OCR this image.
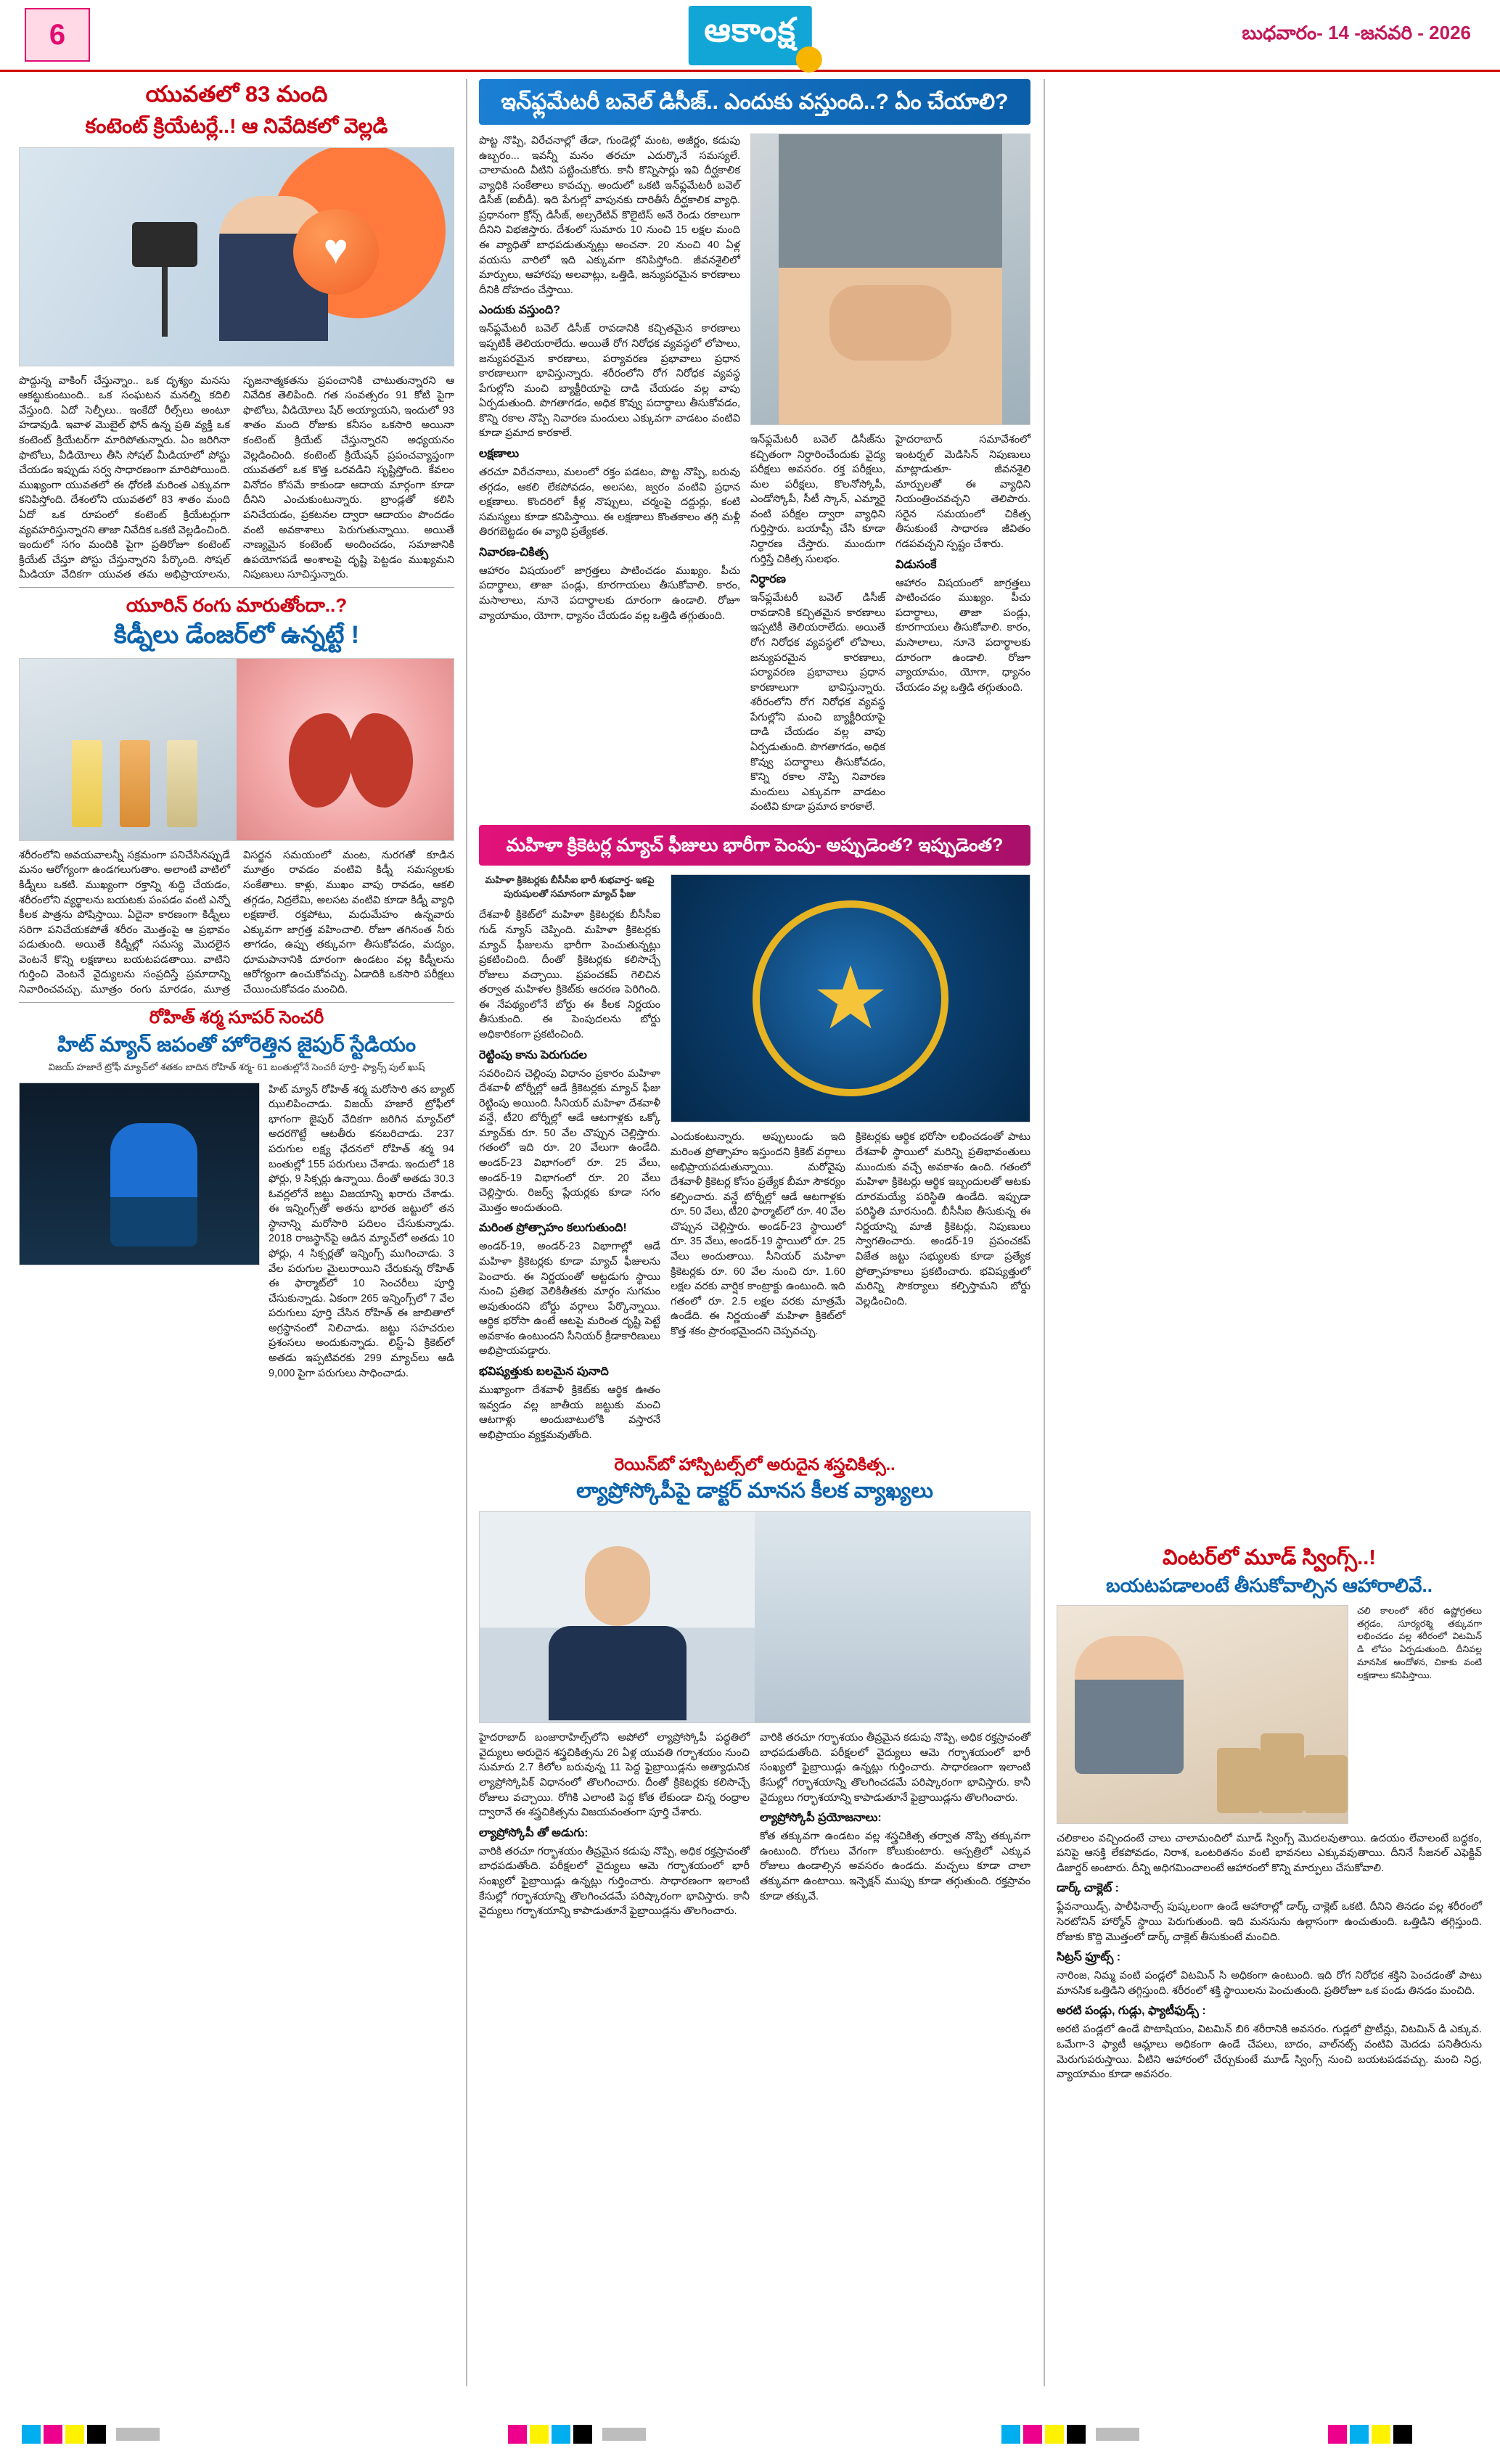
6	ఆకాంక్ష	బుధవారం- 14 -జనవరి - 2026
యువతలో 83 మంది
కంటెంట్ క్రియేటర్లే..! ఆ నివేదికలో వెల్లడి
♥
పొద్దున్న వాకింగ్ చేస్తున్నాం.. ఒక దృశ్యం మనసు ఆకట్టుకుంటుంది.. ఒక సంఘటన మనల్ని కదిలి వేస్తుంది. ఏదో సెల్ఫీలు.. ఇంకేదో రీల్స్‌లు అంటూ హడావుడి. ఇవాళ మొబైల్ ఫోన్ ఉన్న ప్రతి వ్యక్తి ఒక కంటెంట్ క్రియేటర్‌గా మారిపోతున్నారు. ఏం జరిగినా ఫొటోలు, వీడియోలు తీసి సోషల్ మీడియాలో పోస్టు చేయడం ఇప్పుడు సర్వ సాధారణంగా మారిపోయింది. ముఖ్యంగా యువతలో ఈ ధోరణి మరింత ఎక్కువగా కనిపిస్తోంది. దేశంలోని యువతలో 83 శాతం మంది ఏదో ఒక రూపంలో కంటెంట్ క్రియేటర్లుగా వ్యవహరిస్తున్నారని తాజా నివేదిక ఒకటి వెల్లడించింది. ఇందులో సగం మందికి పైగా ప్రతిరోజూ కంటెంట్ క్రియేట్ చేస్తూ పోస్టు చేస్తున్నారని పేర్కొంది. సోషల్ మీడియా వేదికగా యువత తమ అభిప్రాయాలను, సృజనాత్మకతను ప్రపంచానికి చాటుతున్నారని ఆ నివేదిక తెలిపింది. గత సంవత్సరం 91 కోటి పైగా ఫొటోలు, వీడియోలు షేర్ అయ్యాయని, ఇందులో 93 శాతం మంది రోజుకు కనీసం ఒకసారి అయినా కంటెంట్ క్రియేట్ చేస్తున్నారని అధ్యయనం వెల్లడించింది. కంటెంట్ క్రియేషన్ ప్రపంచవ్యాప్తంగా యువతలో ఒక కొత్త ఒరవడిని సృష్టిస్తోంది. కేవలం వినోదం కోసమే కాకుండా ఆదాయ మార్గంగా కూడా దీనిని ఎంచుకుంటున్నారు. బ్రాండ్లతో కలిసి పనిచేయడం, ప్రకటనల ద్వారా ఆదాయం పొందడం వంటి అవకాశాలు పెరుగుతున్నాయి. అయితే నాణ్యమైన కంటెంట్ అందించడం, సమాజానికి ఉపయోగపడే అంశాలపై దృష్టి పెట్టడం ముఖ్యమని నిపుణులు సూచిస్తున్నారు.
యూరిన్ రంగు మారుతోందా..?
కిడ్నీలు డేంజర్‌లో ఉన్నట్టే !
శరీరంలోని అవయవాలన్నీ సక్రమంగా పనిచేసినప్పుడే మనం ఆరోగ్యంగా ఉండగలుగుతాం. అలాంటి వాటిలో కిడ్నీలు ఒకటి. ముఖ్యంగా రక్తాన్ని శుద్ధి చేయడం, శరీరంలోని వ్యర్థాలను బయటకు పంపడం వంటి ఎన్నో కీలక పాత్రను పోషిస్తాయి. ఏదైనా కారణంగా కిడ్నీలు సరిగా పనిచేయకపోతే శరీరం మొత్తంపై ఆ ప్రభావం పడుతుంది. అయితే కిడ్నీల్లో సమస్య మొదలైన వెంటనే కొన్ని లక్షణాలు బయటపడతాయి. వాటిని గుర్తించి వెంటనే వైద్యులను సంప్రదిస్తే ప్రమాదాన్ని నివారించవచ్చు. మూత్రం రంగు మారడం, మూత్ర విసర్జన సమయంలో మంట, నురగతో కూడిన మూత్రం రావడం వంటివి కిడ్నీ సమస్యలకు సంకేతాలు. కాళ్లు, ముఖం వాపు రావడం, ఆకలి తగ్గడం, నిద్రలేమి, అలసట వంటివి కూడా కిడ్నీ వ్యాధి లక్షణాలే. రక్తపోటు, మధుమేహం ఉన్నవారు ఎక్కువగా జాగ్రత్త వహించాలి. రోజూ తగినంత నీరు తాగడం, ఉప్పు తక్కువగా తీసుకోవడం, మద్యం, ధూమపానానికి దూరంగా ఉండటం వల్ల కిడ్నీలను ఆరోగ్యంగా ఉంచుకోవచ్చు. ఏడాదికి ఒకసారి పరీక్షలు చేయించుకోవడం మంచిది.
రోహిత్ శర్మ సూపర్ సెంచరీ
హిట్ మ్యాన్ జపంతో హోరెత్తిన జైపుర్ స్టేడియం
విజయ్ హజారే ట్రోఫీ మ్యాచ్‌లో శతకం బాదిన రోహిత్ శర్మ- 61 బంతుల్లోనే సెంచరీ పూర్తి- ఫ్యాన్స్ పుల్ ఖుష్
హిట్ మ్యాన్ రోహిత్ శర్మ మరోసారి తన బ్యాట్ ఝులిపించాడు. విజయ్ హజారే ట్రోఫీలో భాగంగా జైపుర్ వేదికగా జరిగిన మ్యాచ్‌లో అదరగొట్టే ఆటతీరు కనబరిచాడు. 237 పరుగుల లక్ష్య ఛేదనలో రోహిత్ శర్మ 94 బంతుల్లో 155 పరుగులు చేశాడు. ఇందులో 18 ఫోర్లు, 9 సిక్సర్లు ఉన్నాయి. దీంతో అతడు 30.3 ఓవర్లలోనే జట్టు విజయాన్ని ఖరారు చేశాడు. ఈ ఇన్నింగ్స్‌తో అతను భారత జట్టులో తన స్థానాన్ని మరోసారి పదిలం చేసుకున్నాడు. 2018 రాజస్థాన్‌పై ఆడిన మ్యాచ్‌లో అతడు 10 ఫోర్లు, 4 సిక్సర్లతో ఇన్నింగ్స్ ముగించాడు. 3 వేల పరుగుల మైలురాయిని చేరుకున్న రోహిత్ ఈ ఫార్మాట్‌లో 10 సెంచరీలు పూర్తి చేసుకున్నాడు. ఏకంగా 265 ఇన్నింగ్స్‌లో 7 వేల పరుగులు పూర్తి చేసిన రోహిత్ ఈ జాబితాలో అగ్రస్థానంలో నిలిచాడు. జట్టు సహచరుల ప్రశంసలు అందుకున్నాడు. లిస్ట్-ఏ క్రికెట్‌లో అతడు ఇప్పటివరకు 299 మ్యాచ్‌లు ఆడి 9,000 పైగా పరుగులు సాధించాడు.
ఇన్‌ఫ్లమేటరీ బవెల్ డిసీజ్.. ఎందుకు వస్తుంది..? ఏం చేయాలి?
పొట్ట నొప్పి, విరేచనాల్లో తేడా, గుండెల్లో మంట, అజీర్ణం, కడుపు ఉబ్బరం... ఇవన్నీ మనం తరచూ ఎదుర్కొనే సమస్యలే. చాలామంది వీటిని పట్టించుకోరు. కానీ కొన్నిసార్లు ఇవి దీర్ఘకాలిక వ్యాధికి సంకేతాలు కావచ్చు. అందులో ఒకటి ఇన్‌ఫ్లమేటరీ బవెల్ డిసీజ్ (ఐబీడీ). ఇది పేగుల్లో వాపునకు దారితీసే దీర్ఘకాలిక వ్యాధి. ప్రధానంగా క్రోన్స్ డిసీజ్, అల్సరేటివ్ కొలైటిస్ అనే రెండు రకాలుగా దీనిని విభజిస్తారు. దేశంలో సుమారు 10 నుంచి 15 లక్షల మంది ఈ వ్యాధితో బాధపడుతున్నట్లు అంచనా. 20 నుంచి 40 ఏళ్ల వయసు వారిలో ఇది ఎక్కువగా కనిపిస్తోంది. జీవనశైలిలో మార్పులు, ఆహారపు అలవాట్లు, ఒత్తిడి, జన్యుపరమైన కారణాలు దీనికి దోహదం చేస్తాయి.
ఎందుకు వస్తుంది?
ఇన్‌ఫ్లమేటరీ బవెల్ డిసీజ్ రావడానికి కచ్చితమైన కారణాలు ఇప్పటికీ తెలియరాలేదు. అయితే రోగ నిరోధక వ్యవస్థలో లోపాలు, జన్యుపరమైన కారణాలు, పర్యావరణ ప్రభావాలు ప్రధాన కారణాలుగా భావిస్తున్నారు. శరీరంలోని రోగ నిరోధక వ్యవస్థ పేగుల్లోని మంచి బ్యాక్టీరియాపై దాడి చేయడం వల్ల వాపు ఏర్పడుతుంది. పొగతాగడం, అధిక కొవ్వు పదార్థాలు తీసుకోవడం, కొన్ని రకాల నొప్పి నివారణ మందులు ఎక్కువగా వాడటం వంటివి కూడా ప్రమాద కారకాలే.
లక్షణాలు
తరచూ విరేచనాలు, మలంలో రక్తం పడటం, పొట్ట నొప్పి, బరువు తగ్గడం, ఆకలి లేకపోవడం, అలసట, జ్వరం వంటివి ప్రధాన లక్షణాలు. కొందరిలో కీళ్ల నొప్పులు, చర్మంపై దద్దుర్లు, కంటి సమస్యలు కూడా కనిపిస్తాయి. ఈ లక్షణాలు కొంతకాలం తగ్గి మళ్లీ తిరగబెట్టడం ఈ వ్యాధి ప్రత్యేకత.
నివారణ-చికిత్స
ఆహారం విషయంలో జాగ్రత్తలు పాటించడం ముఖ్యం. పీచు పదార్థాలు, తాజా పండ్లు, కూరగాయలు తీసుకోవాలి. కారం, మసాలాలు, నూనె పదార్థాలకు దూరంగా ఉండాలి. రోజూ వ్యాయామం, యోగా, ధ్యానం చేయడం వల్ల ఒత్తిడి తగ్గుతుంది.
ఇన్‌ఫ్లమేటరీ బవెల్ డిసీజ్‌ను కచ్చితంగా నిర్ధారించేందుకు వైద్య పరీక్షలు అవసరం. రక్త పరీక్షలు, మల పరీక్షలు, కొలనోస్కోపీ, ఎండోస్కోపీ, సీటీ స్కాన్, ఎమ్మారై వంటి పరీక్షల ద్వారా వ్యాధిని గుర్తిస్తారు. బయాప్సీ చేసి కూడా నిర్ధారణ చేస్తారు. ముందుగా గుర్తిస్తే చికిత్స సులభం.
నిర్ధారణ
ఇన్‌ఫ్లమేటరీ బవెల్ డిసీజ్ రావడానికి కచ్చితమైన కారణాలు ఇప్పటికీ తెలియరాలేదు. అయితే రోగ నిరోధక వ్యవస్థలో లోపాలు, జన్యుపరమైన కారణాలు, పర్యావరణ ప్రభావాలు ప్రధాన కారణాలుగా భావిస్తున్నారు. శరీరంలోని రోగ నిరోధక వ్యవస్థ పేగుల్లోని మంచి బ్యాక్టీరియాపై దాడి చేయడం వల్ల వాపు ఏర్పడుతుంది. పొగతాగడం, అధిక కొవ్వు పదార్థాలు తీసుకోవడం, కొన్ని రకాల నొప్పి నివారణ మందులు ఎక్కువగా వాడటం వంటివి కూడా ప్రమాద కారకాలే.
హైదరాబాద్ సమావేశంలో ఇంటర్నల్ మెడిసిన్ నిపుణులు మాట్లాడుతూ- జీవనశైలి మార్పులతో ఈ వ్యాధిని నియంత్రించవచ్చని తెలిపారు. సరైన సమయంలో చికిత్స తీసుకుంటే సాధారణ జీవితం గడపవచ్చని స్పష్టం చేశారు.
విడుసంకే
ఆహారం విషయంలో జాగ్రత్తలు పాటించడం ముఖ్యం. పీచు పదార్థాలు, తాజా పండ్లు, కూరగాయలు తీసుకోవాలి. కారం, మసాలాలు, నూనె పదార్థాలకు దూరంగా ఉండాలి. రోజూ వ్యాయామం, యోగా, ధ్యానం చేయడం వల్ల ఒత్తిడి తగ్గుతుంది.
మహిళా క్రికెటర్ల మ్యాచ్ ఫీజులు భారీగా పెంపు- అప్పుడెంత? ఇప్పుడెంత?
మహిళా క్రికెటర్లకు బీసీసీఐ భారీ శుభవార్త- ఇకపై పురుషులతో సమానంగా మ్యాచ్ ఫీజు
దేశవాళీ క్రికెట్‌లో మహిళా క్రికెటర్లకు బీసీసీఐ గుడ్ న్యూస్ చెప్పింది. మహిళా క్రికెటర్లకు మ్యాచ్ ఫీజులను భారీగా పెంచుతున్నట్లు ప్రకటించింది. దీంతో క్రికెటర్లకు కలిసొచ్చే రోజులు వచ్చాయి. ప్రపంచకప్ గెలిచిన తర్వాత మహిళల క్రికెట్‌కు ఆదరణ పెరిగింది. ఈ నేపథ్యంలోనే బోర్డు ఈ కీలక నిర్ణయం తీసుకుంది. ఈ పెంపుదలను బోర్డు అధికారికంగా ప్రకటించింది.
రెట్టింపు కాను పెరుగుదల
సవరించిన చెల్లింపు విధానం ప్రకారం మహిళా దేశవాళీ టోర్నీల్లో ఆడే క్రికెటర్లకు మ్యాచ్ ఫీజు రెట్టింపు అయింది. సీనియర్ మహిళా దేశవాళీ వన్డే, టీ20 టోర్నీల్లో ఆడే ఆటగాళ్లకు ఒక్కో మ్యాచ్‌కు రూ. 50 వేల చొప్పున చెల్లిస్తారు. గతంలో ఇది రూ. 20 వేలుగా ఉండేది. అండర్-23 విభాగంలో రూ. 25 వేలు, అండర్-19 విభాగంలో రూ. 20 వేలు చెల్లిస్తారు. రిజర్వ్ ప్లేయర్లకు కూడా సగం మొత్తం అందుతుంది.
మరింత ప్రోత్సాహం కలుగుతుంది!
అండర్-19, అండర్-23 విభాగాల్లో ఆడే మహిళా క్రికెటర్లకు కూడా మ్యాచ్ ఫీజులను పెంచారు. ఈ నిర్ణయంతో అట్టడుగు స్థాయి నుంచి ప్రతిభ వెలికితీతకు మార్గం సుగమం అవుతుందని బోర్డు వర్గాలు పేర్కొన్నాయి. ఆర్థిక భరోసా ఉంటే ఆటపై మరింత దృష్టి పెట్టే అవకాశం ఉంటుందని సీనియర్ క్రీడాకారిణులు అభిప్రాయపడ్డారు.
భవిష్యత్తుకు బలమైన పునాది
ముఖ్యాంగా దేశవాళీ క్రికెట్‌కు ఆర్థిక ఊతం ఇవ్వడం వల్ల జాతీయ జట్టుకు మంచి ఆటగాళ్లు అందుబాటులోకి వస్తారనే అభిప్రాయం వ్యక్తమవుతోంది.
★
ఎందుకంటున్నారు. అప్పులుండు ఇది మరింత ప్రోత్సాహం ఇస్తుందని క్రికెట్ వర్గాలు అభిప్రాయపడుతున్నాయి. మరోవైపు దేశవాళీ క్రికెటర్ల కోసం ప్రత్యేక బీమా సౌకర్యం కల్పించారు. వన్డే టోర్నీల్లో ఆడే ఆటగాళ్లకు రూ. 50 వేలు, టీ20 ఫార్మాట్‌లో రూ. 40 వేల చొప్పున చెల్లిస్తారు. అండర్-23 స్థాయిలో రూ. 35 వేలు, అండర్-19 స్థాయిలో రూ. 25 వేలు అందుతాయి. సీనియర్ మహిళా క్రికెటర్లకు రూ. 60 వేల నుంచి రూ. 1.60 లక్షల వరకు వార్షిక కాంట్రాక్టు ఉంటుంది. ఇది గతంలో రూ. 2.5 లక్షల వరకు మాత్రమే ఉండేది. ఈ నిర్ణయంతో మహిళా క్రికెట్‌లో కొత్త శకం ప్రారంభమైందని చెప్పవచ్చు.
క్రికెటర్లకు ఆర్థిక భరోసా లభించడంతో పాటు దేశవాళీ స్థాయిలో మరిన్ని ప్రతిభావంతులు ముందుకు వచ్చే అవకాశం ఉంది. గతంలో మహిళా క్రికెటర్లు ఆర్థిక ఇబ్బందులతో ఆటకు దూరమయ్యే పరిస్థితి ఉండేది. ఇప్పుడా పరిస్థితి మారనుంది. బీసీసీఐ తీసుకున్న ఈ నిర్ణయాన్ని మాజీ క్రికెటర్లు, నిపుణులు స్వాగతించారు. అండర్-19 ప్రపంచకప్ విజేత జట్టు సభ్యులకు కూడా ప్రత్యేక ప్రోత్సాహకాలు ప్రకటించారు. భవిష్యత్తులో మరిన్ని సౌకర్యాలు కల్పిస్తామని బోర్డు వెల్లడించింది.
రెయిన్‌బో హాస్పిటల్స్‌లో అరుదైన శస్త్రచికిత్స..
ల్యాప్రోస్కోపీపై డాక్టర్ మానస కీలక వ్యాఖ్యలు
హైదరాబాద్ బంజారాహిల్స్‌లోని అపోలో ల్యాప్రోస్కోపీ పద్ధతిలో వైద్యులు అరుదైన శస్త్రచికిత్సను 26 ఏళ్ల యువతి గర్భాశయం నుంచి సుమారు 2.7 కిలోల బరువున్న 11 పెద్ద ఫైబ్రాయిడ్లను అత్యాధునిక ల్యాప్రోస్కోపిక్ విధానంలో తొలగించారు. దీంతో క్రికెటర్లకు కలిసొచ్చే రోజులు వచ్చాయి. రోగికి ఎలాంటి పెద్ద కోత లేకుండా చిన్న రంధ్రాల ద్వారానే ఈ శస్త్రచికిత్సను విజయవంతంగా పూర్తి చేశారు.
ల్యాప్రోస్కోపీ తో అడుగు:
వారికి తరచూ గర్భాశయం తీవ్రమైన కడుపు నొప్పి, అధిక రక్తస్రావంతో బాధపడుతోంది. పరీక్షలలో వైద్యులు ఆమె గర్భాశయంలో భారీ సంఖ్యలో ఫైబ్రాయిడ్లు ఉన్నట్లు గుర్తించారు. సాధారణంగా ఇలాంటి కేసుల్లో గర్భాశయాన్ని తొలగించడమే పరిష్కారంగా భావిస్తారు. కానీ వైద్యులు గర్భాశయాన్ని కాపాడుతూనే ఫైబ్రాయిడ్లను తొలగించారు.
వారికి తరచూ గర్భాశయం తీవ్రమైన కడుపు నొప్పి, అధిక రక్తస్రావంతో బాధపడుతోంది. పరీక్షలలో వైద్యులు ఆమె గర్భాశయంలో భారీ సంఖ్యలో ఫైబ్రాయిడ్లు ఉన్నట్లు గుర్తించారు. సాధారణంగా ఇలాంటి కేసుల్లో గర్భాశయాన్ని తొలగించడమే పరిష్కారంగా భావిస్తారు. కానీ వైద్యులు గర్భాశయాన్ని కాపాడుతూనే ఫైబ్రాయిడ్లను తొలగించారు.
ల్యాప్రోస్కోపీ ప్రయోజనాలు:
కోత తక్కువగా ఉండటం వల్ల శస్త్రచికిత్స తర్వాత నొప్పి తక్కువగా ఉంటుంది. రోగులు వేగంగా కోలుకుంటారు. ఆస్పత్రిలో ఎక్కువ రోజులు ఉండాల్సిన అవసరం ఉండదు. మచ్చలు కూడా చాలా తక్కువగా ఉంటాయి. ఇన్ఫెక్షన్ ముప్పు కూడా తగ్గుతుంది. రక్తస్రావం కూడా తక్కువే.
వింటర్‌లో మూడ్ స్వింగ్స్..!
బయటపడాలంటే తీసుకోవాల్సిన ఆహారాలివే..
చలి కాలంలో శరీర ఉష్ణోగ్రతలు తగ్గడం, సూర్యరశ్మి తక్కువగా లభించడం వల్ల శరీరంలో విటమిన్ డి లోపం ఏర్పడుతుంది. దీనివల్ల మానసిక ఆందోళన, చికాకు వంటి లక్షణాలు కనిపిస్తాయి.
చలికాలం వచ్చిందంటే చాలు చాలామందిలో మూడ్ స్వింగ్స్ మొదలవుతాయి. ఉదయం లేవాలంటే బద్ధకం, పనిపై ఆసక్తి లేకపోవడం, నిరాశ, ఒంటరితనం వంటి భావనలు ఎక్కువవుతాయి. దీనినే సీజనల్ ఎఫెక్టివ్ డిజార్డర్ అంటారు. దీన్ని అధిగమించాలంటే ఆహారంలో కొన్ని మార్పులు చేసుకోవాలి.
డార్క్ చాక్లెట్ :
ఫ్లేవనాయిడ్స్, పాలీఫినాల్స్ పుష్కలంగా ఉండే ఆహారాల్లో డార్క్ చాక్లెట్ ఒకటి. దీనిని తినడం వల్ల శరీరంలో సెరటోనిన్ హార్మోన్ స్థాయి పెరుగుతుంది. ఇది మనసును ఉల్లాసంగా ఉంచుతుంది. ఒత్తిడిని తగ్గిస్తుంది. రోజుకు కొద్ది మొత్తంలో డార్క్ చాక్లెట్ తీసుకుంటే మంచిది.
సిట్రస్ ఫ్రూట్స్ :
నారింజ, నిమ్మ వంటి పండ్లలో విటమిన్ సి అధికంగా ఉంటుంది. ఇది రోగ నిరోధక శక్తిని పెంచడంతో పాటు మానసిక ఒత్తిడిని తగ్గిస్తుంది. శరీరంలో శక్తి స్థాయిలను పెంచుతుంది. ప్రతిరోజూ ఒక పండు తినడం మంచిది.
అరటి పండ్లు, గుడ్లు, ఫ్యాటీఫుడ్స్ :
అరటి పండ్లలో ఉండే పొటాషియం, విటమిన్ బి6 శరీరానికి అవసరం. గుడ్లలో ప్రొటీన్లు, విటమిన్ డి ఎక్కువ. ఒమేగా-3 ఫ్యాటీ ఆమ్లాలు అధికంగా ఉండే చేపలు, బాదం, వాల్‌నట్స్ వంటివి మెదడు పనితీరును మెరుగుపరుస్తాయి. వీటిని ఆహారంలో చేర్చుకుంటే మూడ్ స్వింగ్స్ నుంచి బయటపడవచ్చు. మంచి నిద్ర, వ్యాయామం కూడా అవసరం.
